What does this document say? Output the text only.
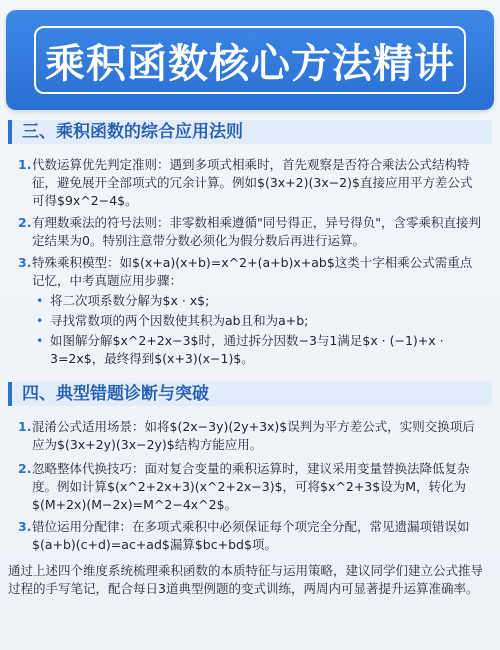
乘积函数核心方法精讲
三、乘积函数的综合应用法则
1. 代数运算优先判定准则：遇到多项式相乘时，首先观察是否符合乘法公式结构特征，避免展开全部项式的冗余计算。例如$(3x+2)(3x−2)$直接应用平方差公式可得$9x^2−4$。
2. 有理数乘法的符号法则：非零数相乘遵循"同号得正，异号得负"，含零乘积直接判定结果为0。特别注意带分数必须化为假分数后再进行运算。
3. 特殊乘积模型：如$(x+a)(x+b)=x^2+(a+b)x+ab$这类十字相乘公式需重点记忆，中考真题应用步骤：
• 将二次项系数分解为$x · x$;
• 寻找常数项的两个因数使其积为ab且和为a+b;
• 如图解分解$x^2+2x−3$时，通过拆分因数−3与1满足$x · (−1)+x · 3=2x$，最终得到$(x+3)(x−1)$。
四、典型错题诊断与突破
1. 混淆公式适用场景：如将$(2x−3y)(2y+3x)$误判为平方差公式，实则交换项后应为$(3x+2y)(3x−2y)$结构方能应用。
2. 忽略整体代换技巧：面对复合变量的乘积运算时，建议采用变量替换法降低复杂度。例如计算$(x^2+2x+3)(x^2+2x−3)$，可将$x^2+3$设为M，转化为$(M+2x)(M−2x)=M^2−4x^2$。
3. 错位运用分配律：在多项式乘积中必须保证每个项完全分配，常见遗漏项错误如$(a+b)(c+d)=ac+ad$漏算$bc+bd$项。
通过上述四个维度系统梳理乘积函数的本质特征与运用策略，建议同学们建立公式推导过程的手写笔记，配合每日3道典型例题的变式训练，两周内可显著提升运算准确率。
